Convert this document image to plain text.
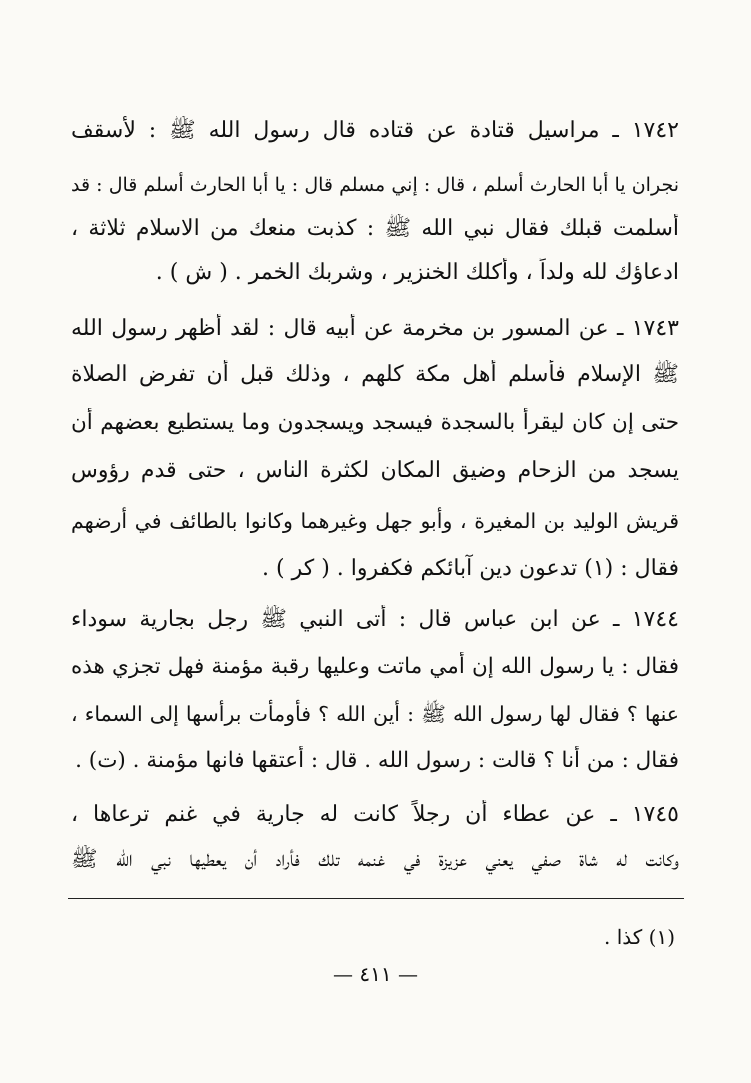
١٧٤٢ ـ مراسيل قتادة عن قتاده قال رسول الله ﷺ : لأسقف
نجران يا أبا الحارث أسلم ، قال : إني مسلم قال : يا أبا الحارث أسلم قال : قد
أسلمت قبلك فقال نبي الله ﷺ : كذبت منعك من الاسلام ثلاثة ،
ادعاؤك لله ولداً ، وأكلك الخنزير ، وشربك الخمر . ( ش ) .
١٧٤٣ ـ عن المسور بن مخرمة عن أبيه قال : لقد أظهر رسول الله
ﷺ الإسلام فأسلم أهل مكة كلهم ، وذلك قبل أن تفرض الصلاة
حتى إن كان ليقرأ بالسجدة فيسجد ويسجدون وما يستطيع بعضهم أن
يسجد من الزحام وضيق المكان لكثرة الناس ، حتى قدم رؤوس
قريش الوليد بن المغيرة ، وأبو جهل وغيرهما وكانوا بالطائف في أرضهم
فقال : (١) تدعون دين آبائكم فكفروا . ( كر ) .
١٧٤٤ ـ عن ابن عباس قال : أتى النبي ﷺ رجل بجارية سوداء
فقال : يا رسول الله إن أمي ماتت وعليها رقبة مؤمنة فهل تجزي هذه
عنها ؟ فقال لها رسول الله ﷺ : أين الله ؟ فأومأت برأسها إلى السماء ،
فقال : من أنا ؟ قالت : رسول الله . قال : أعتقها فانها مؤمنة . (ت) .
١٧٤٥ ـ عن عطاء أن رجلاً كانت له جارية في غنم ترعاها ،
وكانت له شاة صفي يعني عزيزة في غنمه تلك فأراد أن يعطيها نبي الله ﷺ
(١) كذا .
— ٤١١ —
